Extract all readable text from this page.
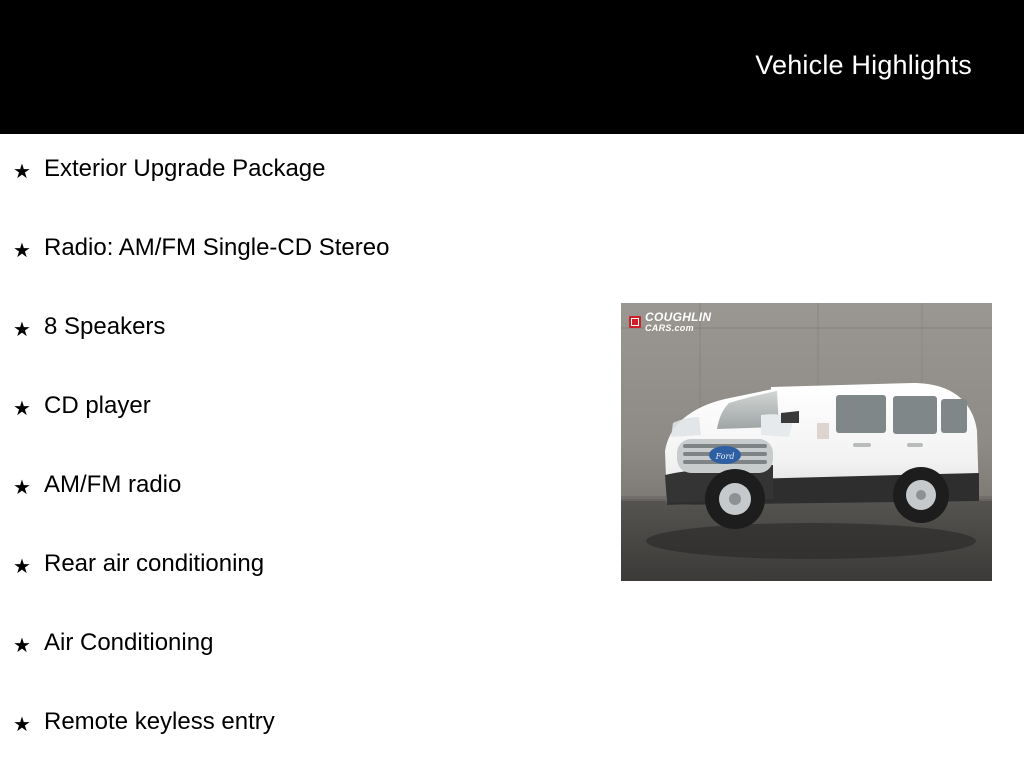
Vehicle Highlights
★ Exterior Upgrade Package
★ Radio: AM/FM Single-CD Stereo
★ 8 Speakers
★ CD player
★ AM/FM radio
★ Rear air conditioning
★ Air Conditioning
★ Remote keyless entry
Ford
COUGHLIN
CARS.com
